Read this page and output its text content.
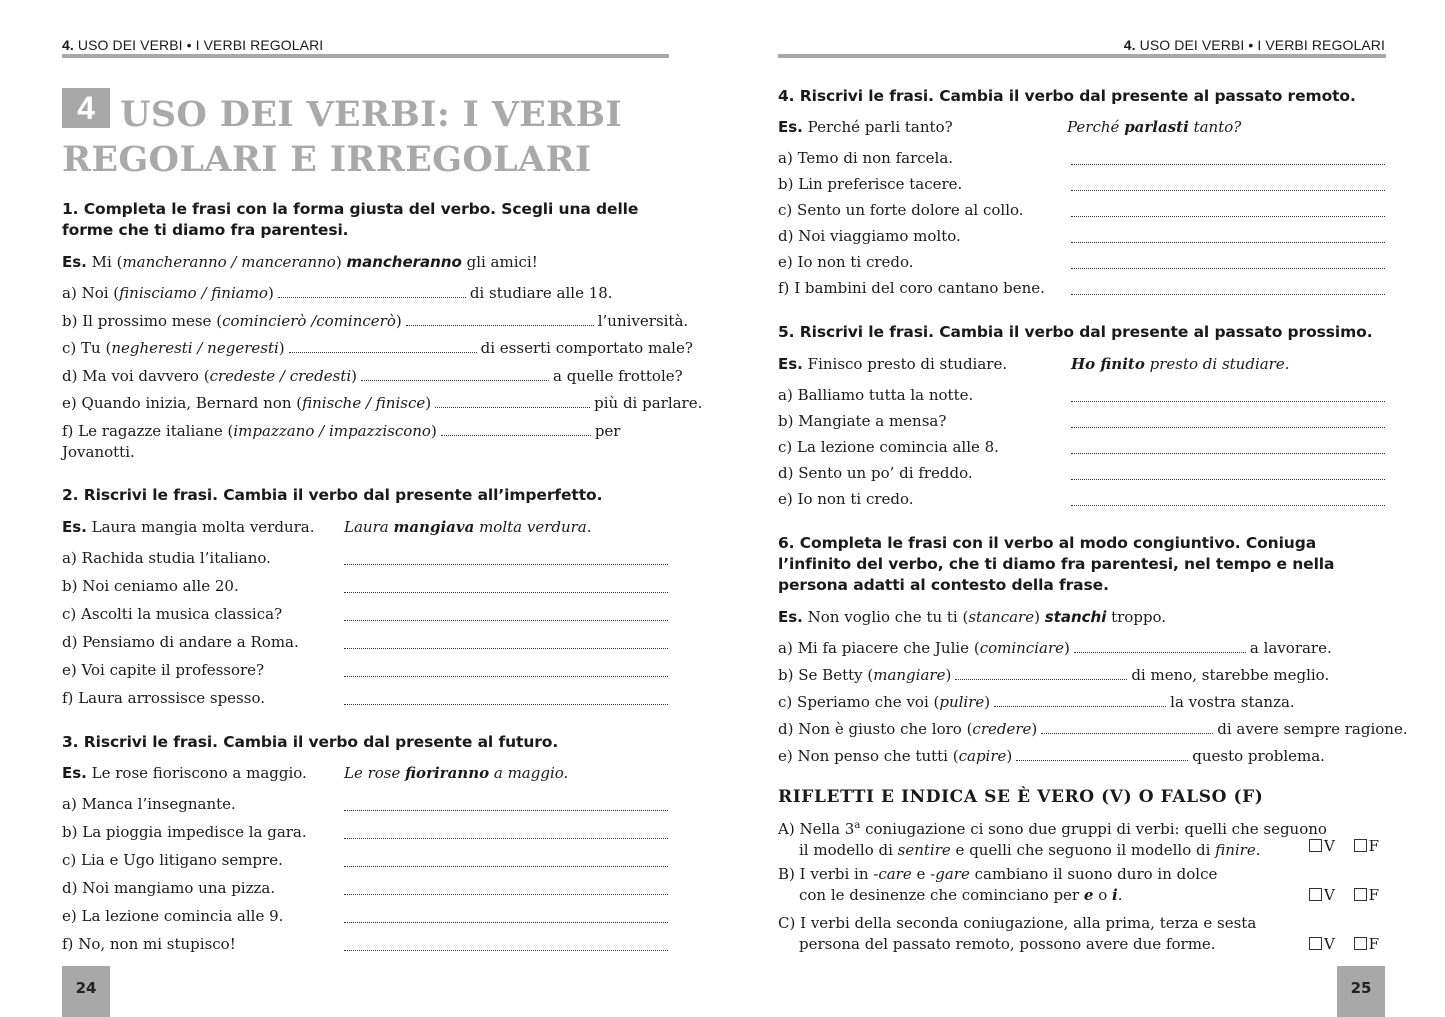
4. USO DEI VERBI • I VERBI REGOLARI	4. USO DEI VERBI • I VERBI REGOLARI
USO DEI VERBI: I VERBI REGOLARI E IRREGOLARI
4
1. Completa le frasi con la forma giusta del verbo. Scegli una delle forme che ti diamo fra parentesi.
Es. Mi (mancheranno / manceranno) mancheranno gli amici!
a) Noi (finisciamo / finiamo)	di studiare alle 18.
b) Il prossimo mese (comincierò /comincerò)	l’università.
c) Tu (negheresti / negeresti)	di esserti comportato male?
d) Ma voi davvero (credeste / credesti)	a quelle frottole?
e) Quando inizia, Bernard non (finische / finisce)	più di parlare.
f) Le ragazze italiane (impazzano / impazziscono)	per
Jovanotti.
2. Riscrivi le frasi. Cambia il verbo dal presente all’imperfetto.
Es. Laura mangia molta verdura. Laura mangiava molta verdura.
a) Rachida studia l’italiano.
b) Noi ceniamo alle 20.
c) Ascolti la musica classica?
d) Pensiamo di andare a Roma.
e) Voi capite il professore?
f) Laura arrossisce spesso.
3. Riscrivi le frasi. Cambia il verbo dal presente al futuro.
Es. Le rose fioriscono a maggio. Le rose fioriranno a maggio.
a) Manca l’insegnante.
b) La pioggia impedisce la gara.
c) Lia e Ugo litigano sempre.
d) Noi mangiamo una pizza.
e) La lezione comincia alle 9.
f) No, non mi stupisco!
24
4. Riscrivi le frasi. Cambia il verbo dal presente al passato remoto.
Es. Perché parli tanto?	Perché parlasti tanto?
a) Temo di non farcela.
b) Lin preferisce tacere.
c) Sento un forte dolore al collo.
d) Noi viaggiamo molto.
e) Io non ti credo.
f) I bambini del coro cantano bene.
5. Riscrivi le frasi. Cambia il verbo dal presente al passato prossimo.
Es. Finisco presto di studiare.	Ho finito presto di studiare.
a) Balliamo tutta la notte.
b) Mangiate a mensa?
c) La lezione comincia alle 8.
d) Sento un po’ di freddo.
e) Io non ti credo.
6. Completa le frasi con il verbo al modo congiuntivo. Coniuga l’infinito del verbo, che ti diamo fra parentesi, nel tempo e nella persona adatti al contesto della frase.
Es. Non voglio che tu ti (stancare) stanchi troppo.
a) Mi fa piacere che Julie (cominciare)	a lavorare.
b) Se Betty (mangiare)	di meno, starebbe meglio.
c) Speriamo che voi (pulire)	la vostra stanza.
d) Non è giusto che loro (credere)	di avere sempre ragione.
e) Non penso che tutti (capire)	questo problema.
RIFLETTI E INDICA SE È VERO (V) O FALSO (F)
A) Nella 3$^a$ coniugazione ci sono due gruppi di verbi: quelli che seguono
il modello di sentire e quelli che seguono il modello di finire.	V F
B) I verbi in -care e -gare cambiano il suono duro in dolce
con le desinenze che cominciano per e o i.	V F
C) I verbi della seconda coniugazione, alla prima, terza e sesta
persona del passato remoto, possono avere due forme.	V F
25
